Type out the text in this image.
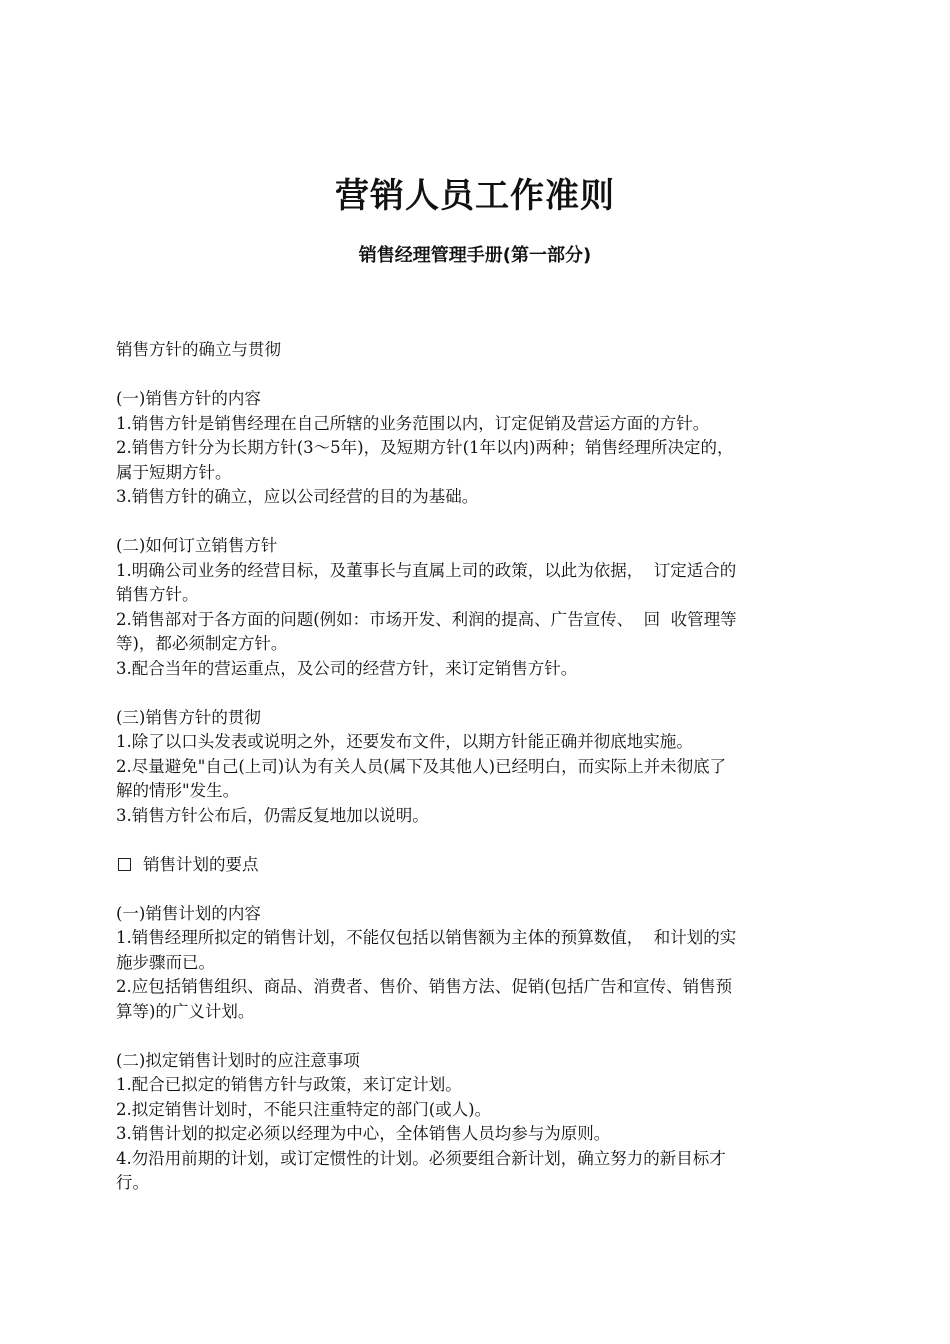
营销人员工作准则
销售经理管理手册(第一部分)

销售方针的确立与贯彻

(一)销售方针的内容

1.销售方针是销售经理在自己所辖的业务范围以内，订定促销及营运方面的方针。

2.销售方针分为长期方针(3～5年)，及短期方针(1年以内)两种；销售经理所决定的，

属于短期方针。

3.销售方针的确立，应以公司经营的目的为基础。

(二)如何订立销售方针

1.明确公司业务的经营目标，及董事长与直属上司的政策，以此为依据，  订定适合的

销售方针。

2.销售部对于各方面的问题(例如：市场开发、利润的提高、广告宣传、  回  收管理等

等)，都必须制定方针。

3.配合当年的营运重点，及公司的经营方针，来订定销售方针。

(三)销售方针的贯彻

1.除了以口头发表或说明之外，还要发布文件，以期方针能正确并彻底地实施。

2.尽量避免"自己(上司)认为有关人员(属下及其他人)已经明白，而实际上并未彻底了

解的情形"发生。

3.销售方针公布后，仍需反复地加以说明。

销售计划的要点

(一)销售计划的内容

1.销售经理所拟定的销售计划，不能仅包括以销售额为主体的预算数值，  和计划的实

施步骤而已。

2.应包括销售组织、商品、消费者、售价、销售方法、促销(包括广告和宣传、销售预

算等)的广义计划。

(二)拟定销售计划时的应注意事项

1.配合已拟定的销售方针与政策，来订定计划。

2.拟定销售计划时，不能只注重特定的部门(或人)。

3.销售计划的拟定必须以经理为中心，全体销售人员均参与为原则。

4.勿沿用前期的计划，或订定惯性的计划。必须要组合新计划，确立努力的新目标才

行。
